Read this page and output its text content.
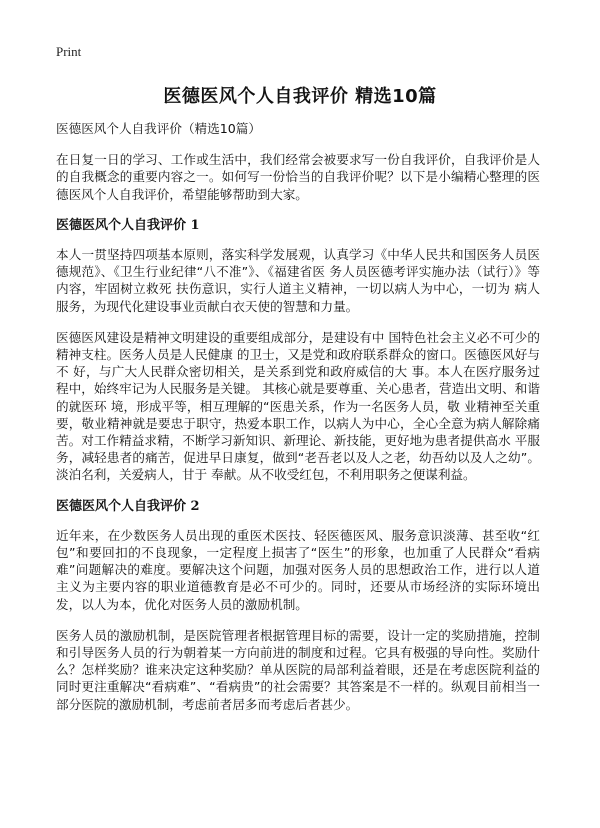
Print
医德医风个人自我评价 精选10篇

医德医风个人自我评价（精选10篇）

在日复一日的学习、工作或生活中，我们经常会被要求写一份自我评价，自我评价是人的自我概念的重要内容之一。如何写一份恰当的自我评价呢？以下是小编精心整理的医德医风个人自我评价，希望能够帮助到大家。

医德医风个人自我评价 1

本人一贯坚持四项基本原则，落实科学发展观，认真学习《中华人民共和国医务人员医德规范》、《卫生行业纪律“八不准”》、《福建省医 务人员医德考评实施办法（试行）》等内容，牢固树立救死 扶伤意识，实行人道主义精神，一切以病人为中心，一切为 病人服务，为现代化建设事业贡献白衣天使的智慧和力量。

医德医风建设是精神文明建设的重要组成部分，是建设有中 国特色社会主义必不可少的精神支柱。医务人员是人民健康 的卫士，又是党和政府联系群众的窗口。医德医风好与不 好，与广大人民群众密切相关，是关系到党和政府威信的大 事。本人在医疗服务过程中，始终牢记为人民服务是关键。 其核心就是要尊重、关心患者，营造出文明、和谐的就医环 境，形成平等，相互理解的“医患关系，作为一名医务人员，敬 业精神至关重要，敬业精神就是要忠于职守，热爱本职工作，以病人为中心，全心全意为病人解除痛苦。对工作精益求精，不断学习新知识、新理论、新技能，更好地为患者提供高水 平服务，减轻患者的痛苦，促进早日康复，做到“老吾老以及人之老，幼吾幼以及人之幼”。淡泊名利，关爱病人，甘于 奉献。从不收受红包，不利用职务之便谋利益。

医德医风个人自我评价 2

近年来，在少数医务人员出现的重医术医技、轻医德医风、服务意识淡薄、甚至收“红包”和要回扣的不良现象，一定程度上损害了“医生”的形象，也加重了人民群众“看病难”问题解决的难度。要解决这个问题，加强对医务人员的思想政治工作，进行以人道主义为主要内容的职业道德教育是必不可少的。同时，还要从市场经济的实际环境出发，以人为本，优化对医务人员的激励机制。

医务人员的激励机制，是医院管理者根据管理目标的需要，设计一定的奖励措施，控制和引导医务人员的行为朝着某一方向前进的制度和过程。它具有极强的导向性。奖励什么？怎样奖励？谁来决定这种奖励？单从医院的局部利益着眼，还是在考虑医院利益的同时更注重解决“看病难”、“看病贵”的社会需要？其答案是不一样的。纵观目前相当一部分医院的激励机制，考虑前者居多而考虑后者甚少。
